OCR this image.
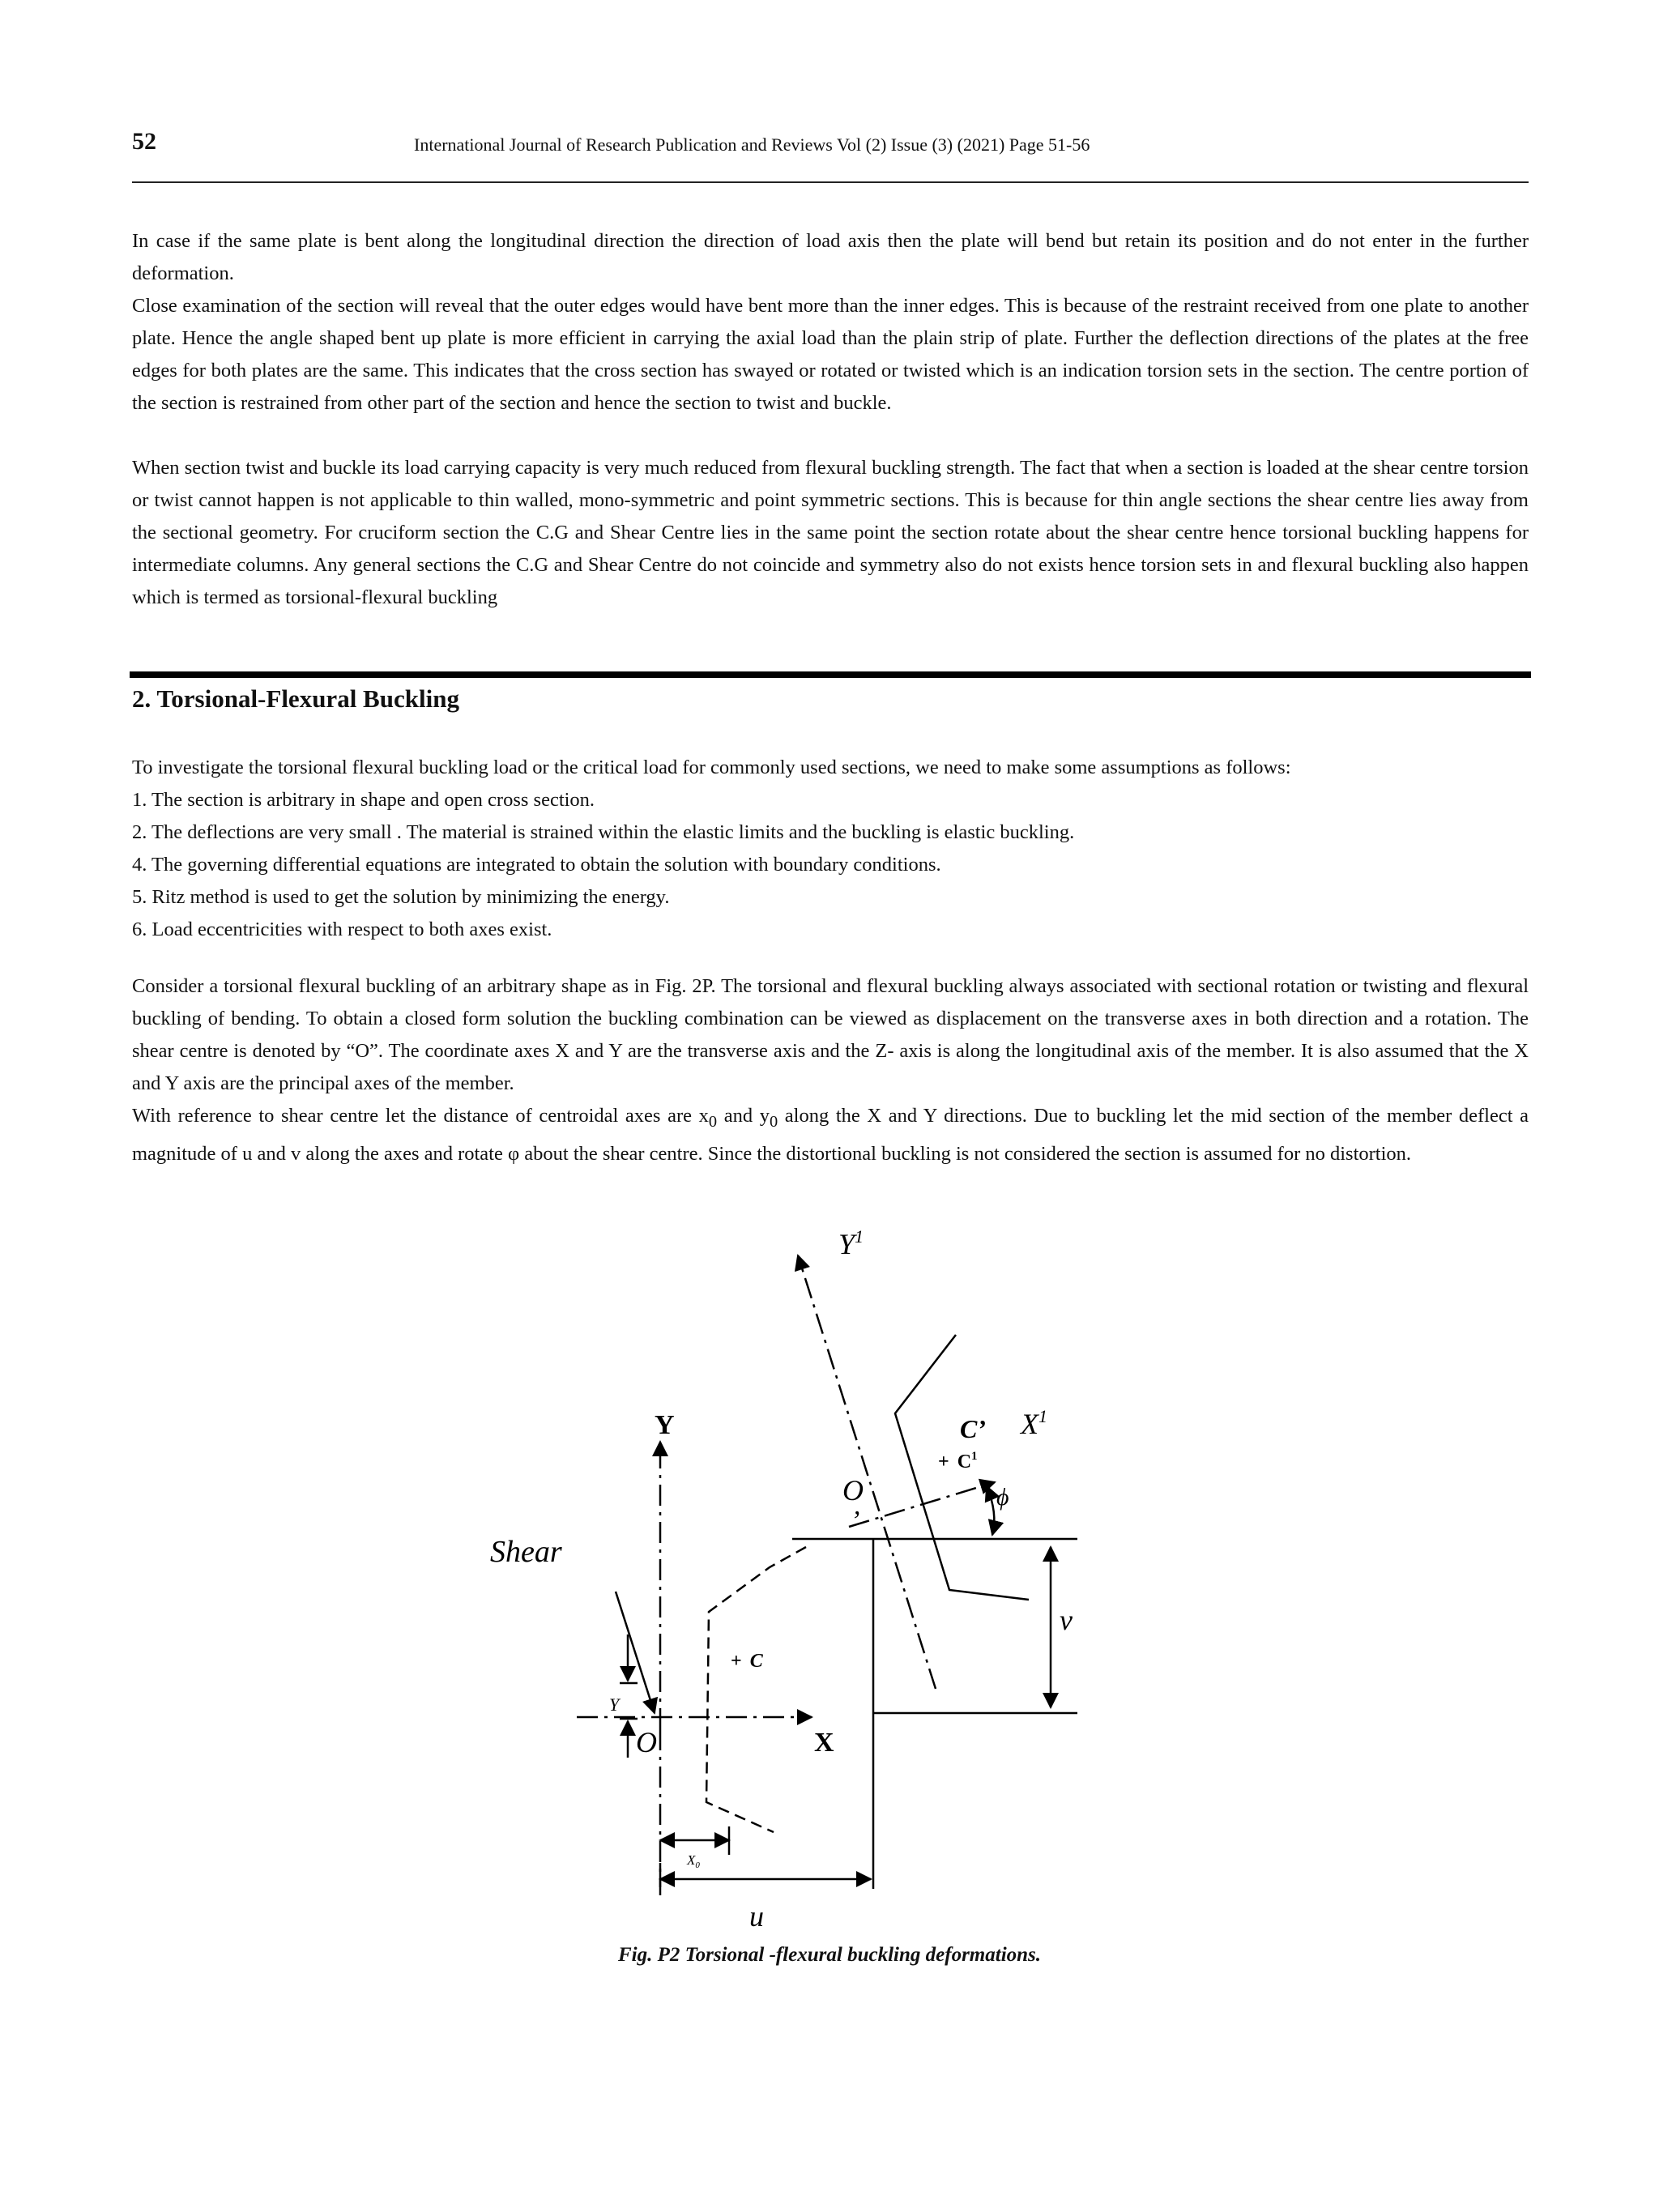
52	International Journal of Research Publication and Reviews Vol (2) Issue (3) (2021) Page 51-56
In case if the same plate is bent along the longitudinal direction the direction of load axis then the plate will bend but retain its position and do not enter in the further deformation.
Close examination of the section will reveal that the outer edges would have bent more than the inner edges. This is because of the restraint received from one plate to another plate. Hence the angle shaped bent up plate is more efficient in carrying the axial load than the plain strip of plate. Further the deflection directions of the plates at the free edges for both plates are the same. This indicates that the cross section has swayed or rotated or twisted which is an indication torsion sets in the section. The centre portion of the section is restrained from other part of the section and hence the section to twist and buckle.
When section twist and buckle its load carrying capacity is very much reduced from flexural buckling strength. The fact that when a section is loaded at the shear centre torsion or twist cannot happen is not applicable to thin walled, mono-symmetric and point symmetric sections. This is because for thin angle sections the shear centre lies away from the sectional geometry. For cruciform section the C.G and Shear Centre lies in the same point the section rotate about the shear centre hence torsional buckling happens for intermediate columns. Any general sections the C.G and Shear Centre do not coincide and symmetry also do not exists hence torsion sets in and flexural buckling also happen which is termed as torsional-flexural buckling
2. Torsional-Flexural Buckling
To investigate the torsional flexural buckling load or the critical load for commonly used sections, we need to make some assumptions as follows:
1. The section is arbitrary in shape and open cross section.
2. The deflections are very small . The material is strained within the elastic limits and the buckling is elastic buckling.
4. The governing differential equations are integrated to obtain the solution with boundary conditions.
5. Ritz method is used to get the solution by minimizing the energy.
6. Load eccentricities with respect to both axes exist.
Consider a torsional flexural buckling of an arbitrary shape as in Fig. 2P. The torsional and flexural buckling always associated with sectional rotation or twisting and flexural buckling of bending. To obtain a closed form solution the buckling combination can be viewed as displacement on the transverse axes in both direction and a rotation. The shear centre is denoted by “O”. The coordinate axes X and Y are the transverse axis and the Z- axis is along the longitudinal axis of the member. It is also assumed that the X and Y axis are the principal axes of the member.
With reference to shear centre let the distance of centroidal axes are $x_0$ and $y_0$ along the X and Y directions. Due to buckling let the mid section of the member deflect a magnitude of u and v along the axes and rotate φ about the shear centre. Since the distortional buckling is not considered the section is assumed for no distortion.
$Y^1$
$X^1$
Y
X
C’
+ $C^1$
O
’
ϕ
v
Shear
+ C
Y
O
$X_0$
u
Fig. P2 Torsional -flexural buckling deformations.
